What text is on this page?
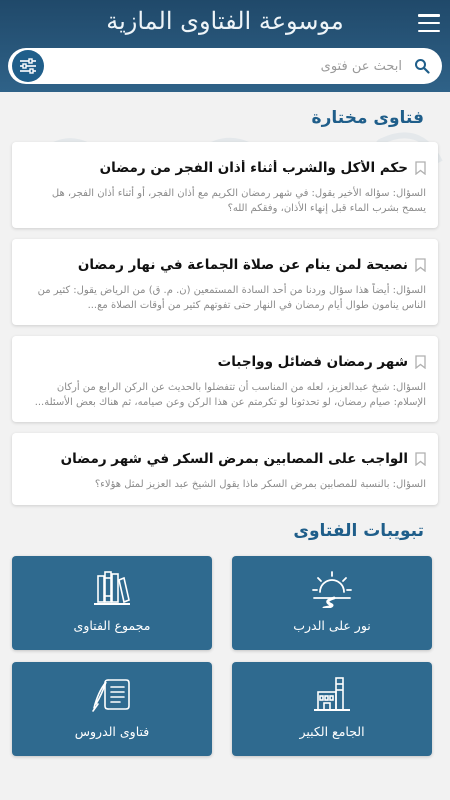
موسوعة الفتاوى المازية
ابحث عن فتوى
فتاوى مختارة
حكم الأكل والشرب أثناء أذان الفجر من رمضان
السؤال: سؤاله الأخير يقول: في شهر رمضان الكريم مع أذان الفجر، أو أثناء أذان الفجر، هل يسمح بشرب الماء قبل إنهاء الأذان، وفقكم الله؟
نصيحة لمن ينام عن صلاة الجماعة في نهار رمضان
السؤال: أيضاً هذا سؤال وردنا من أحد السادة المستمعين (ن. م. ق) من الرياض يقول: كثير من الناس ينامون طوال أيام رمضان في النهار حتى تفوتهم كثير من أوقات الصلاة مع...
شهر رمضان فضائل وواجبات
السؤال: شيخ عبدالعزيز، لعله من المناسب أن تتفضلوا بالحديث عن الركن الرابع من أركان الإسلام: صيام رمضان، لو تحدثونا لو تكرمتم عن هذا الركن وعن صيامه، ثم هناك بعض الأسئلة...
الواجب على المصابين بمرض السكر في شهر رمضان
السؤال: بالنسبة للمصابين بمرض السكر ماذا يقول الشيخ عبد العزيز لمثل هؤلاء؟
تبويبات الفتاوى
نور على الدرب
مجموع الفتاوى
الجامع الكبير
فتاوى الدروس
